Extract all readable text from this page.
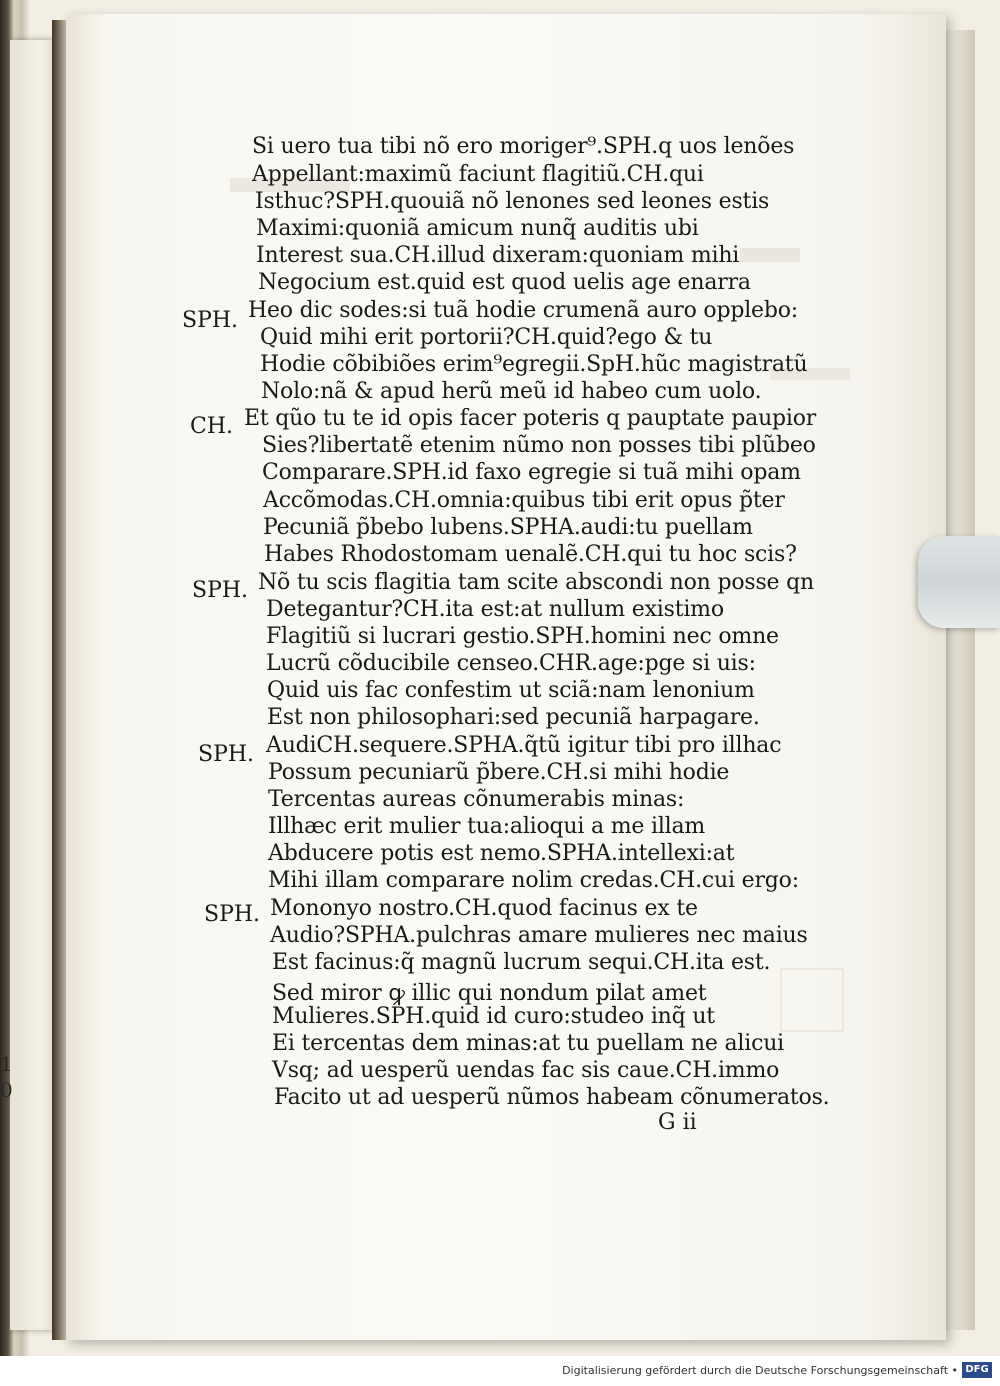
1
0
SPH.
CH.
SPH.
SPH.
SPH.
Si uero tua tibi nõ ero moriger⁹.SPH.q uos lenões
Appellant:maximũ faciunt flagitiũ.CH.qui
Isthuc?SPH.quouiã nõ lenones sed leones estis
Maximi:quoniã amicum nunq̃ auditis ubi
Interest sua.CH.illud dixeram:quoniam mihi
Negocium est.quid est quod uelis age enarra
Heo dic sodes:si tuã hodie crumenã auro opplebo:
Quid mihi erit portorii?CH.quid?ego & tu
Hodie cõbibiões erim⁹egregii.SpH.hũc magistratũ
Nolo:nã & apud herũ meũ id habeo cum uolo.
Et qũo tu te id opis facer poteris q pauptate paupior
Sies?libertatẽ etenim nũmo non posses tibi plũbeo
Comparare.SPH.id faxo egregie si tuã mihi opam
Accõmodas.CH.omnia:quibus tibi erit opus p̃ter
Pecuniã p̃bebo lubens.SPHA.audi:tu puellam
Habes Rhodostomam uenalẽ.CH.qui tu hoc scis?
Nõ tu scis flagitia tam scite abscondi non posse qn
Detegantur?CH.ita est:at nullum existimo
Flagitiũ si lucrari gestio.SPH.homini nec omne
Lucrũ cõducibile censeo.CHR.age:pge si uis:
Quid uis fac confestim ut sciã:nam lenonium
Est non philosophari:sed pecuniã harpagare.
AudiCH.sequere.SPHA.q̃tũ igitur tibi pro illhac
Possum pecuniarũ p̃bere.CH.si mihi hodie
Tercentas aureas cõnumerabis minas:
Illhæc erit mulier tua:alioqui a me illam
Abducere potis est nemo.SPHA.intellexi:at
Mihi illam comparare nolim credas.CH.cui ergo:
Mononyo nostro.CH.quod facinus ex te
Audio?SPHA.pulchras amare mulieres nec maius
Est facinus:q̃ magnũ lucrum sequi.CH.ita est.
Sed miror ꝙ illic qui nondum pilat amet
Mulieres.SPH.quid id curo:studeo inq̃ ut
Ei tercentas dem minas:at tu puellam ne alicui
Vsq; ad uesperũ uendas fac sis caue.CH.immo
Facito ut ad uesperũ nũmos habeam cõnumeratos.
G ii
Digitalisierung gefördert durch die Deutsche Forschungsgemeinschaft • DFG
